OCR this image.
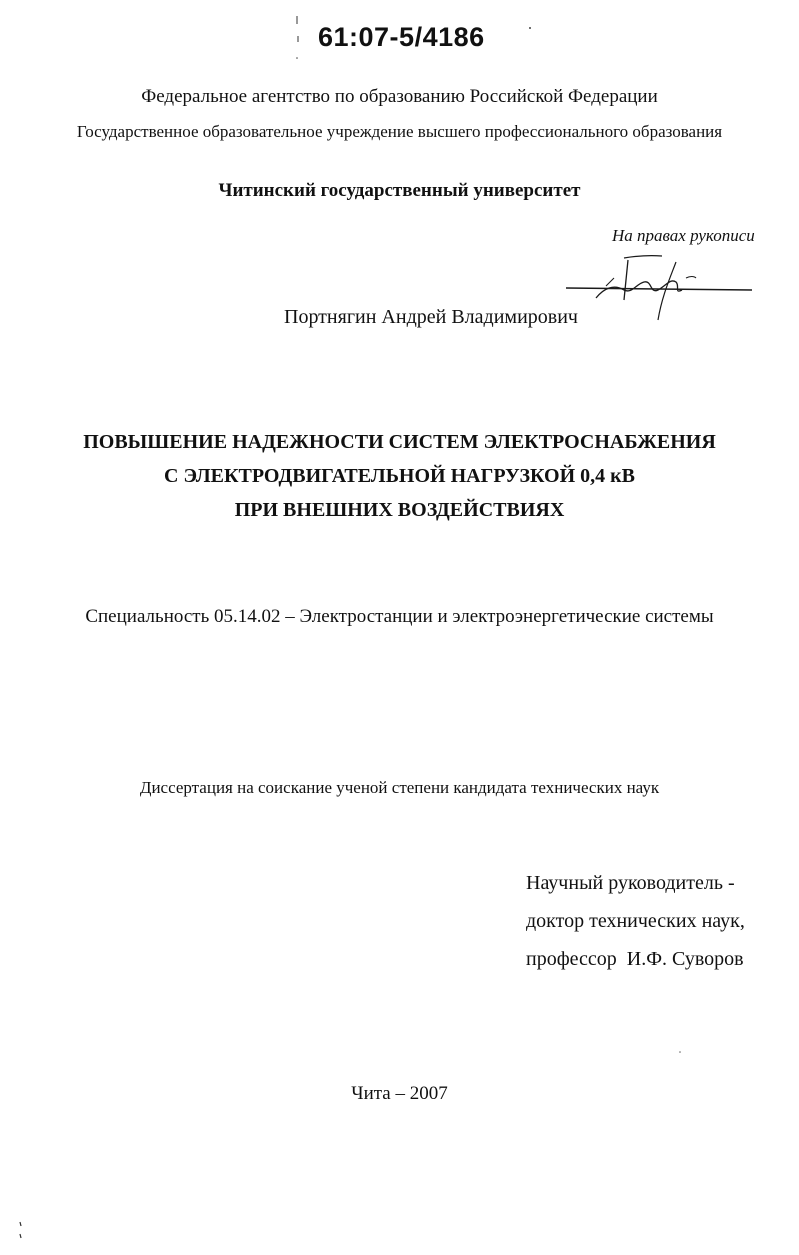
61:07-5/4186
Федеральное агентство по образованию Российской Федерации
Государственное образовательное учреждение высшего профессионального образования
Читинский государственный университет
На правах рукописи
Портнягин Андрей Владимирович
ПОВЫШЕНИЕ НАДЕЖНОСТИ СИСТЕМ ЭЛЕКТРОСНАБЖЕНИЯ
С ЭЛЕКТРОДВИГАТЕЛЬНОЙ НАГРУЗКОЙ 0,4 кВ
ПРИ ВНЕШНИХ ВОЗДЕЙСТВИЯХ
Специальность 05.14.02 – Электростанции и электроэнергетические системы
Диссертация на соискание ученой степени кандидата технических наук
Научный руководитель -
доктор технических наук,
профессор  И.Ф. Суворов
Чита – 2007
